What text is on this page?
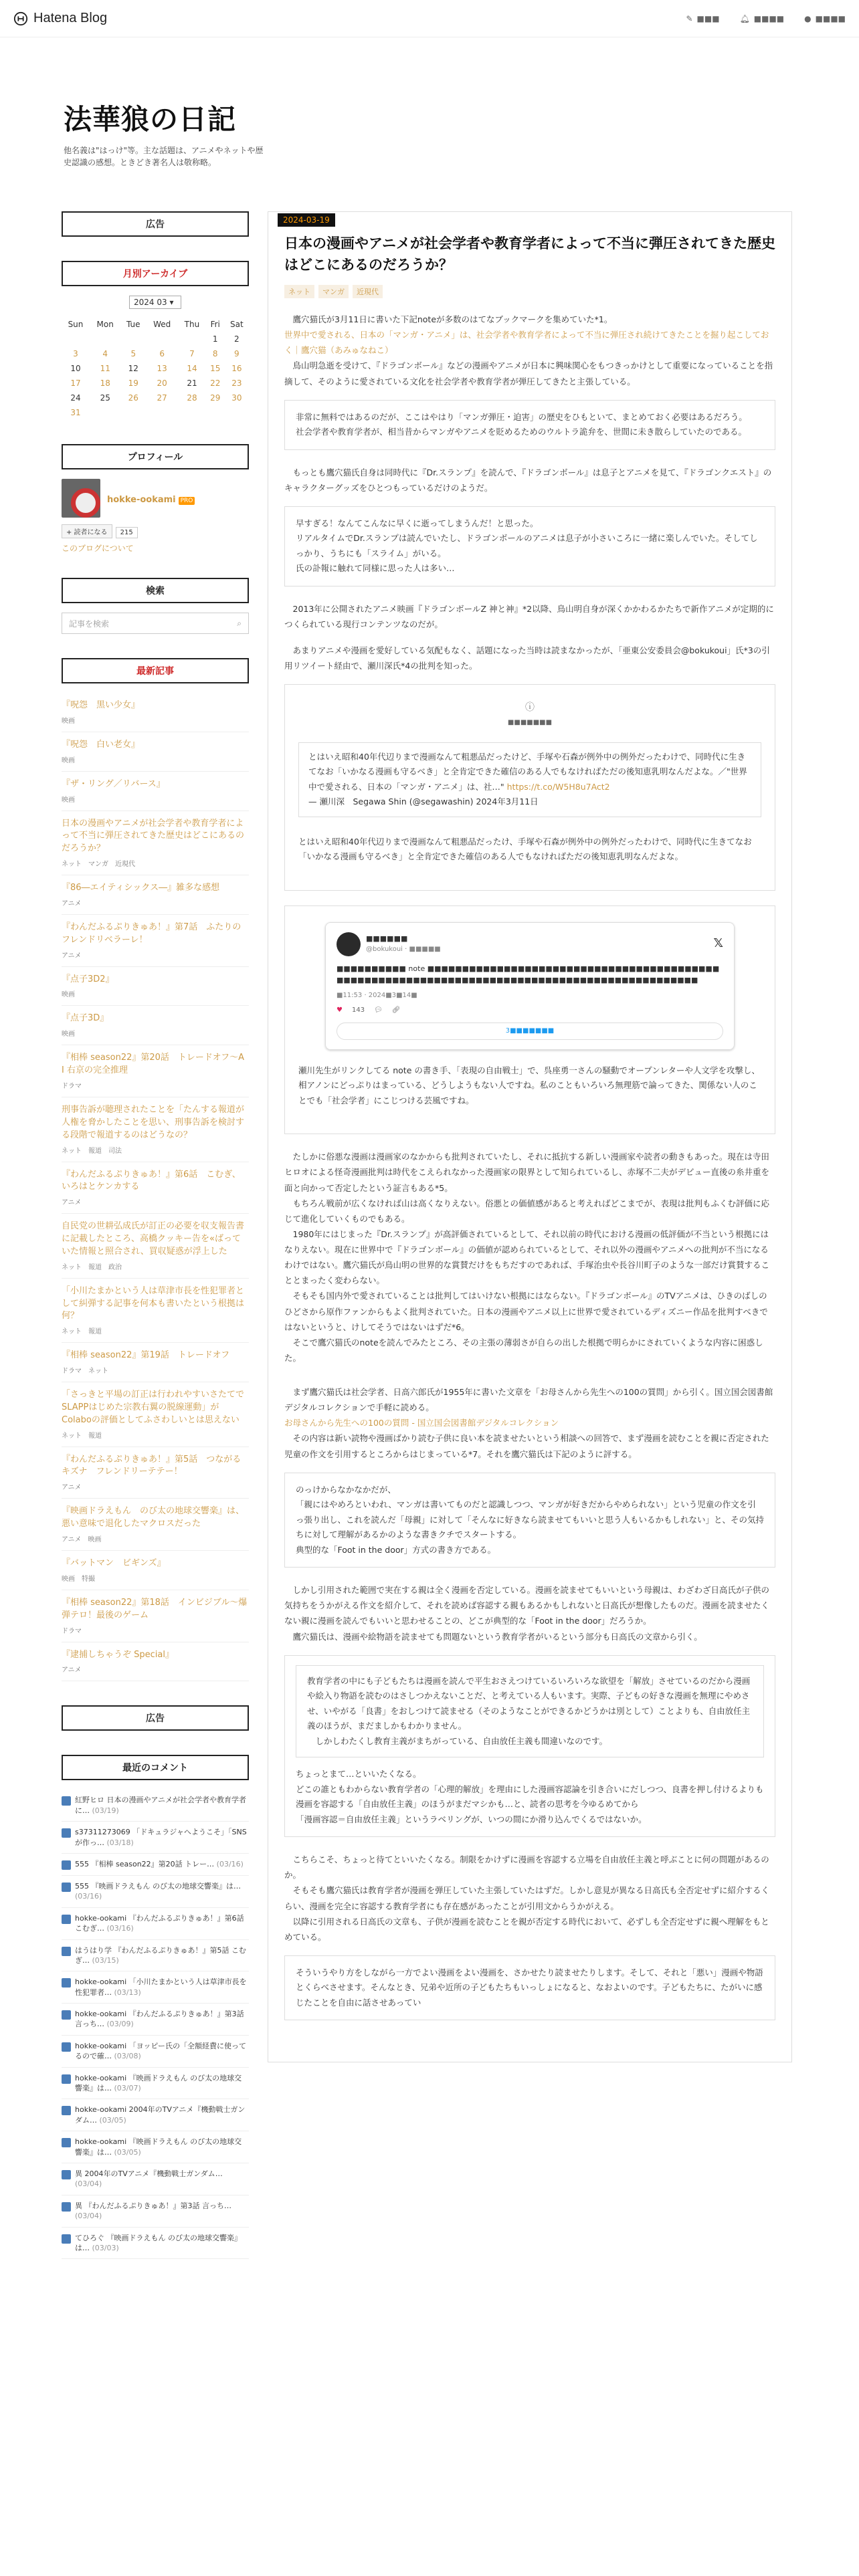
Hatena Blog	✎ ■■■	🔔︎ ■■■■	● ■■■■
法華狼の日記

他名義は"はっけ"等。主な話題は、アニメやネットや歴史認識の感想。ときどき著名人は敬称略。

広告
月別アーカイブ
2024 03 ▾
Sun	Mon	Tue	Wed	Thu	Fri	Sat
					1	2
3	4	5	6	7	8	9
10	11	12	13	14	15	16
17	18	19	20	21	22	23
24	25	26	27	28	29	30
31						
プロフィール
hokke-ookami PRO
+ 読者になる 215
このブログについて
検索
記事を検索	⌕
最新記事
『呪怨　黒い少女』
映画
『呪怨　白い老女』
映画
『ザ・リング／リバース』
映画
日本の漫画やアニメが社会学者や教育学者によって不当に弾圧されてきた歴史はどこにあるのだろうか？
ネット　マンガ　近現代
『86―エイティシックス―』雑多な感想
アニメ
『わんだふるぷりきゅあ！』第7話　ふたりのフレンドリベラーレ！
アニメ
『点子3D2』
映画
『点子3D』
映画
『相棒 season22』第20話　トレードオフ～A I 右京の完全推理
ドラマ
刑事告訴が聴理されたことを「たんする報道が人権を脅かしたことを思い、刑事告訴を検討する段階で報道するのはどうなの？
ネット　報道　司法
『わんだふるぷりきゅあ！』第6話　こむぎ、いろはとケンカする
アニメ
自民党の世耕弘成氏が訂正の必要を収支報告書に記載したところ、高橋クッキー告を«ばっていた情報と照合され、買収疑惑が浮上した
ネット　報道　政治
「小川たまかという人は草津市長を性犯罪者として糾弾する記事を何本も書いたという根拠は何？
ネット　報道
『相棒 season22』第19話　トレードオフ
ドラマ　ネット
「さっきと平場の訂正は行われやすいさたてでSLAPPはじめた宗教右翼の脱線運動」がColaboの評価としてふさわしいとは思えない
ネット　報道
『わんだふるぷりきゅあ！』第5話　つながるキズナ　フレンドリーテテー！
アニメ
『映画ドラえもん　のび太の地球交響楽』は、悪い意味で退化したマクロスだった
アニメ　映画
『バットマン　ビギンズ』
映画　特撮
『相棒 season22』第18話　インビジブル～爆弾テロ！最後のゲーム
ドラマ
『逮捕しちゃうぞ Special』
アニメ
広告
最近のコメント
紅野ヒロ 日本の漫画やアニメが社会学者や教育学者に… (03/19)
s37311273069 「ドキュラジャへようこそ」「SNSが作っ… (03/18)
555 『相棒 season22』第20話 トレー… (03/16)
555 『映画ドラえもん のび太の地球交響楽』は… (03/16)
hokke-ookami 『わんだふるぷりきゅあ！』第6話 こむぎ… (03/16)
はうはり学 『わんだふるぷりきゅあ！』第5話 こむぎ… (03/15)
hokke-ookami 「小川たまかという人は草津市長を性犯罪者… (03/13)
hokke-ookami 『わんだふるぷりきゅあ！』第3話 言っち… (03/09)
hokke-ookami 「ヨッピー氏の「全額経費に使ってるので確… (03/08)
hokke-ookami 『映画ドラえもん のび太の地球交響楽』は… (03/07)
hokke-ookami 2004年のTVアニメ『機動戦士ガンダム… (03/05)
hokke-ookami 『映画ドラえもん のび太の地球交響楽』は… (03/05)
異 2004年のTVアニメ『機動戦士ガンダム… (03/04)
異 『わんだふるぷりきゅあ！』第3話 言っち… (03/04)
てひろぐ 『映画ドラえもん のび太の地球交響楽』は… (03/03)
2024-03-19
日本の漫画やアニメが社会学者や教育学者によって不当に弾圧されてきた歴史はどこにあるのだろうか？
ネット	マンガ	近現代

　鷹穴猫氏が3月11日に書いた下記noteが多数のはてなブックマークを集めていた*1。
世界中で愛される、日本の「マンガ・アニメ」は、社会学者や教育学者によって不当に弾圧され続けてきたことを掘り起こしておく｜鷹穴猫（あみゅなねこ）
　鳥山明急逝を受けて、『ドラゴンボール』などの漫画やアニメが日本に興味関心をもつきっかけとして重要になっていることを指摘して、そのように愛されている文化を社会学者や教育学者が弾圧してきたと主張している。

非常に無料ではあるのだが、ここはやはり「マンガ弾圧・迫害」の歴史をひもといて、まとめておく必要はあるだろう。
社会学者や教育学者が、相当昔からマンガやアニメを貶めるためのウルトラ詭弁を、世間に未き散らしていたのである。

　もっとも鷹穴猫氏自身は同時代に『Dr.スランプ』を読んで、『ドラゴンボール』は息子とアニメを見て、『ドラゴンクエスト』のキャラクターグッズをひとつもっているだけのようだ。

早すぎる！なんてこんなに早くに逝ってしまうんだ！と思った。
リアルタイムでDr.スランプは読んでいたし、ドラゴンボールのアニメは息子が小さいころに一緒に楽しんでいた。そしてしっかり、うちにも「スライム」がいる。
氏の訃報に触れて同様に思った人は多い…

　2013年に公開されたアニメ映画『ドラゴンボールZ 神と神』*2以降、鳥山明自身が深くかかわるかたちで新作アニメが定期的につくられている現行コンテンツなのだが。

　あまりアニメや漫画を愛好している気配もなく、話題になった当時は読まなかったが、「亜東公安委員会@bokukoui」氏*3の引用リツイート経由で、瀬川深氏*4の批判を知った。

ⓘ
■■■■■■■
とはいえ昭和40年代辺りまで漫画なんて粗悪品だったけど、手塚や石森が例外中の例外だったわけで、同時代に生きてなお「いかなる漫画も守るべき」と全肯定できた確信のある人でもなければただの後知恵乳明なんだよな。／"世界中で愛される、日本の「マンガ・アニメ」は、社…" https://t.co/W5H8u7Act2
— 瀬川深　Segawa Shin (@segawashin) 2024年3月11日

とはいえ昭和40年代辺りまで漫画なんて粗悪品だったけ、手塚や石森が例外中の例外だったわけで、同時代に生きてなお「いかなる漫画も守るべき」と全肯定できた確信のある人でもなければただの後知恵乳明なんだよな。

■■■■■■
@bokukoui · ■■■■■	𝕏
■■■■■■■■■■ note ■■■■■■■■■■■■■■■■■■■■■■■■■■■■■■■■■■■■■■■■■■■■■■■■■■■■■■■■■■■■■■■■■■■■■■■■■■■■■■■■■■■■■■■■■■■■■■
■11:53 · 2024■3■14■
♥ 143 💬︎ 🔗︎
3■■■■■■■

瀬川先生がリンクしてる note の書き手、「表現の自由戦士」で、呉座勇一さんの騒動でオープンレターや人文学を攻撃し、相アノンにどっぷりはまっている、どうしようもない人ですね。私のこともいろいろ無理筋で論ってきた、関係ない人のことでも「社会学者」にこじつける芸風ですね。

　たしかに俗悪な漫画は漫画家のなかからも批判されていたし、それに抵抗する新しい漫画家や読者の動きもあった。現在は寺田ヒロオによる怪奇漫画批判は時代をこえられなかった漫画家の限界として知られているし、赤塚不二夫がデビュー直後の糸井重を面と向かって否定したという証言もある*5。
　もちろん戦前が広くなければ山は高くなりえない。俗悪との価値感があると考えればどこまでが、表現は批判もふくむ評価に応じて進化していくものでもある。
　1980年にはじまった『Dr.スランプ』が高評価されているとして、それ以前の時代における漫画の低評価が不当という根拠にはなりえない。現在に世界中で『ドラゴンボール』の価値が認められているとして、それ以外の漫画やアニメへの批判が不当になるわけではない。鷹穴猫氏が鳥山明の世界的な賞賛だけをもちだすのであれば、手塚治虫や長谷川町子のような一部だけ賞賛することとまったく変わらない。
　そもそも国内外で愛されていることは批判してはいけない根拠にはならない。『ドラゴンボール』のTVアニメは、ひきのばしのひどさから原作ファンからもよく批判されていた。日本の漫画やアニメ以上に世界で愛されているディズニー作品を批判すべきではないというと、けしてそうではないはずだ*6。
　そこで鷹穴猫氏のnoteを読んでみたところ、その主張の薄弱さが自らの出した根拠で明らかにされていくような内容に困惑した。

　まず鷹穴猫氏は社会学者、日高六郎氏が1955年に書いた文章を「お母さんから先生への100の質問」から引く。国立国会図書館デジタルコレクションで手軽に読める。
お母さんから先生への100の質問 - 国立国会図書館デジタルコレクション
　その内容は新い読物や漫画ばかり読む子供に良い本を読ませたいという相談への回答で、まず漫画を読むことを親に否定された児童の作文を引用するところからはじまっている*7。それを鷹穴猫氏は下記のように評する。

のっけからなかなかだが、
「親にはやめろといわれ、マンガは書いてものだと認識しつつ、マンガが好きだからやめられない」という児童の作文を引っ張り出し、これを読んだ「母親」に対して「そんなに好きなら読ませてもいいと思う人もいるかもしれない」と、その気持ちに対して理解があるかのような書きクチでスタートする。
典型的な「Foot in the door」方式の書き方である。

　しかし引用された範囲で実在する親は全く漫画を否定している。漫画を読ませてもいいという母親は、わざわざ日高氏が子供の気持ちをうかがえる作文を紹介して、それを読めば容認する親もあるかもしれないと日高氏が想像したものだ。漫画を読ませたくない親に漫画を読んでもいいと思わせることの、どこが典型的な「Foot in the door」だろうか。
　鷹穴猫氏は、漫画や絵物語を読ませても問題ないという教育学者がいるという部分も日高氏の文章から引く。

教育学者の中にも子どもたちは漫画を読んで平生おさえつけているいろいろな欲望を「解放」させているのだから漫画や絵入り物語を読むのはさしつかえないことだ、と考えている人もいます。実際、子どもの好きな漫画を無理にやめさせ、いやがる「良書」をおしつけて読ませる（そのようなことができるかどうかは別として）ことよりも、自由放任主義のほうが、まだましかもわかりません。
　しかしわたくし教育主義がまちがっている、自由放任主義も間違いなのです。
ちょっとまて…といいたくなる。
どこの誰ともわからない教育学者の「心理的解放」を理由にした漫画容認論を引き合いにだしつつ、良書を押し付けるよりも漫画を容認する「自由放任主義」のほうがまだマシかも…と、読者の思考を今ゆるめてから
「漫画容認＝自由放任主義」というラベリングが、いつの間にか滑り込んでくるではないか。

　こちらこそ、ちょっと待てといいたくなる。制限をかけずに漫画を容認する立場を自由放任主義と呼ぶことに何の問題があるのか。
　そもそも鷹穴猫氏は教育学者が漫画を弾圧していた主張していたはずだ。しかし意見が異なる日高氏も全否定せずに紹介するくらい、漫画を完全に容認する教育学者にも存在感があったことが引用文からうかがえる。
　以降に引用される日高氏の文章も、子供が漫画を読むことを親が否定する時代において、必ずしも全否定せずに親へ理解をもとめている。

そういうやり方をしながら一方でよい漫画をよい漫画を、さかせたり読ませたりします。そして、それと「悪い」漫画や物語とくらべさせます。そんなとき、兄弟や近所の子どもたちもいっしょになると、なおよいのです。子どもたちに、たがいに感じたことを自由に話させあってい
